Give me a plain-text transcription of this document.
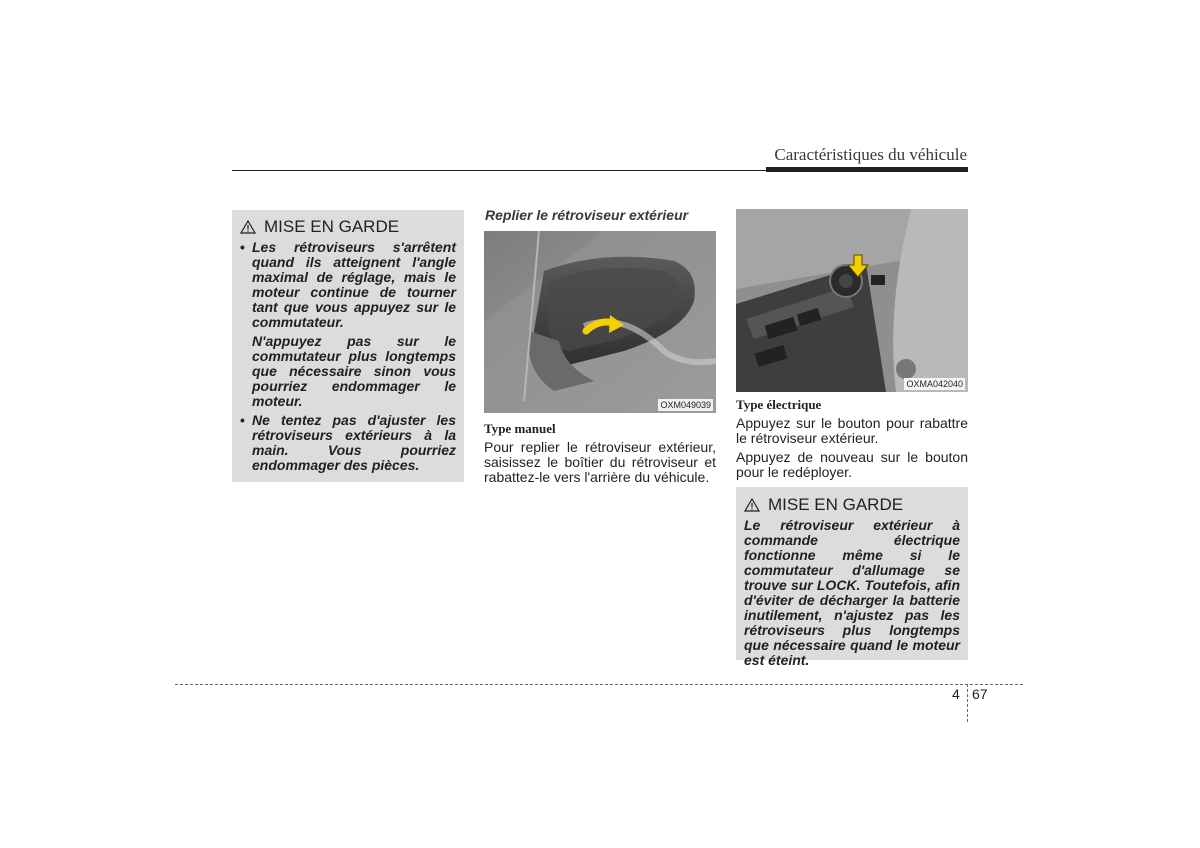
Caractéristiques du véhicule
MISE EN GARDE
• Les rétroviseurs s'arrêtent quand ils atteignent l'angle maximal de réglage, mais le moteur continue de tourner tant que vous appuyez sur le commutateur.
N'appuyez pas sur le commutateur plus longtemps que nécessaire sinon vous pourriez endommager le moteur.
• Ne tentez pas d'ajuster les rétroviseurs extérieurs à la main. Vous pourriez endommager des pièces.
Replier le rétroviseur extérieur
OXM049039
Type manuel
Pour replier le rétroviseur extérieur, saisissez le boîtier du rétroviseur et rabattez-le vers l'arrière du véhicule.
OXMA042040
Type électrique
Appuyez sur le bouton pour rabattre le rétroviseur extérieur.
Appuyez de nouveau sur le bouton pour le redéployer.
MISE EN GARDE
Le rétroviseur extérieur à commande électrique fonctionne même si le commutateur d'allumage se trouve sur LOCK. Toutefois, afin d'éviter de décharger la batterie inutilement, n'ajustez pas les rétroviseurs plus longtemps que nécessaire quand le moteur est éteint.
4 67
